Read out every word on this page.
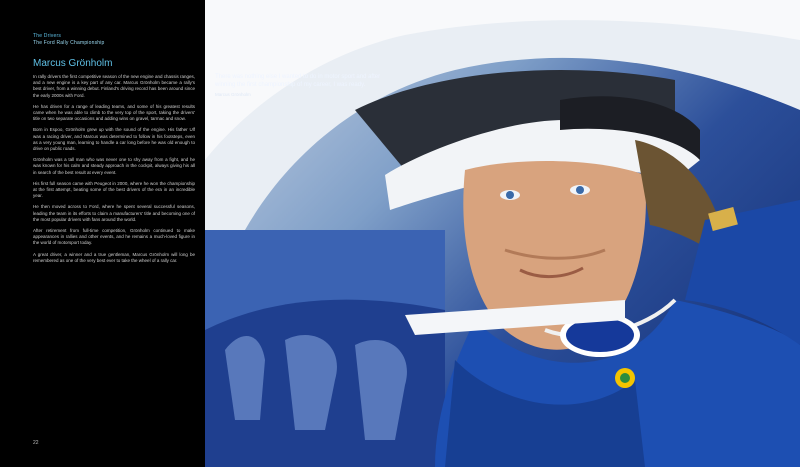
The Drivers
The Ford Rally Championship
Marcus Grönholm

In rally drivers the first competitive season of the new engine and chassis ranges, and a new engine is a key part of any car. Marcus Grönholm became a rally's best driver, from a winning debut. Finland's driving record has been around since the early 2000s with Ford.

He has driven for a range of leading teams, and some of his greatest results came when he was able to climb to the very top of the sport, taking the drivers' title on two separate occasions and adding wins on gravel, tarmac and snow.

Born in Espoo, Grönholm grew up with the sound of the engine. His father Ulf was a racing driver, and Marcus was determined to follow in his footsteps, even as a very young man, learning to handle a car long before he was old enough to drive on public roads.

Grönholm was a tall man who was never one to shy away from a fight, and he was known for his calm and steady approach in the cockpit, always giving his all in search of the best result at every event.

His first full season came with Peugeot in 2000, where he won the championship at the first attempt, beating some of the best drivers of the era in an incredible year.

He then moved across to Ford, where he spent several successful seasons, leading the team in its efforts to claim a manufacturers' title and becoming one of the most popular drivers with fans around the world.

After retirement from full-time competition, Grönholm continued to make appearances in rallies and other events, and he remains a much-loved figure in the world of motorsport today.

A great driver, a winner and a true gentleman, Marcus Grönholm will long be remembered as one of the very best ever to take the wheel of a rally car.

22
There was nothing else I wanted to do in motor sport and after winning the first championship of my career, I was ready.
Marcus Grönholm
